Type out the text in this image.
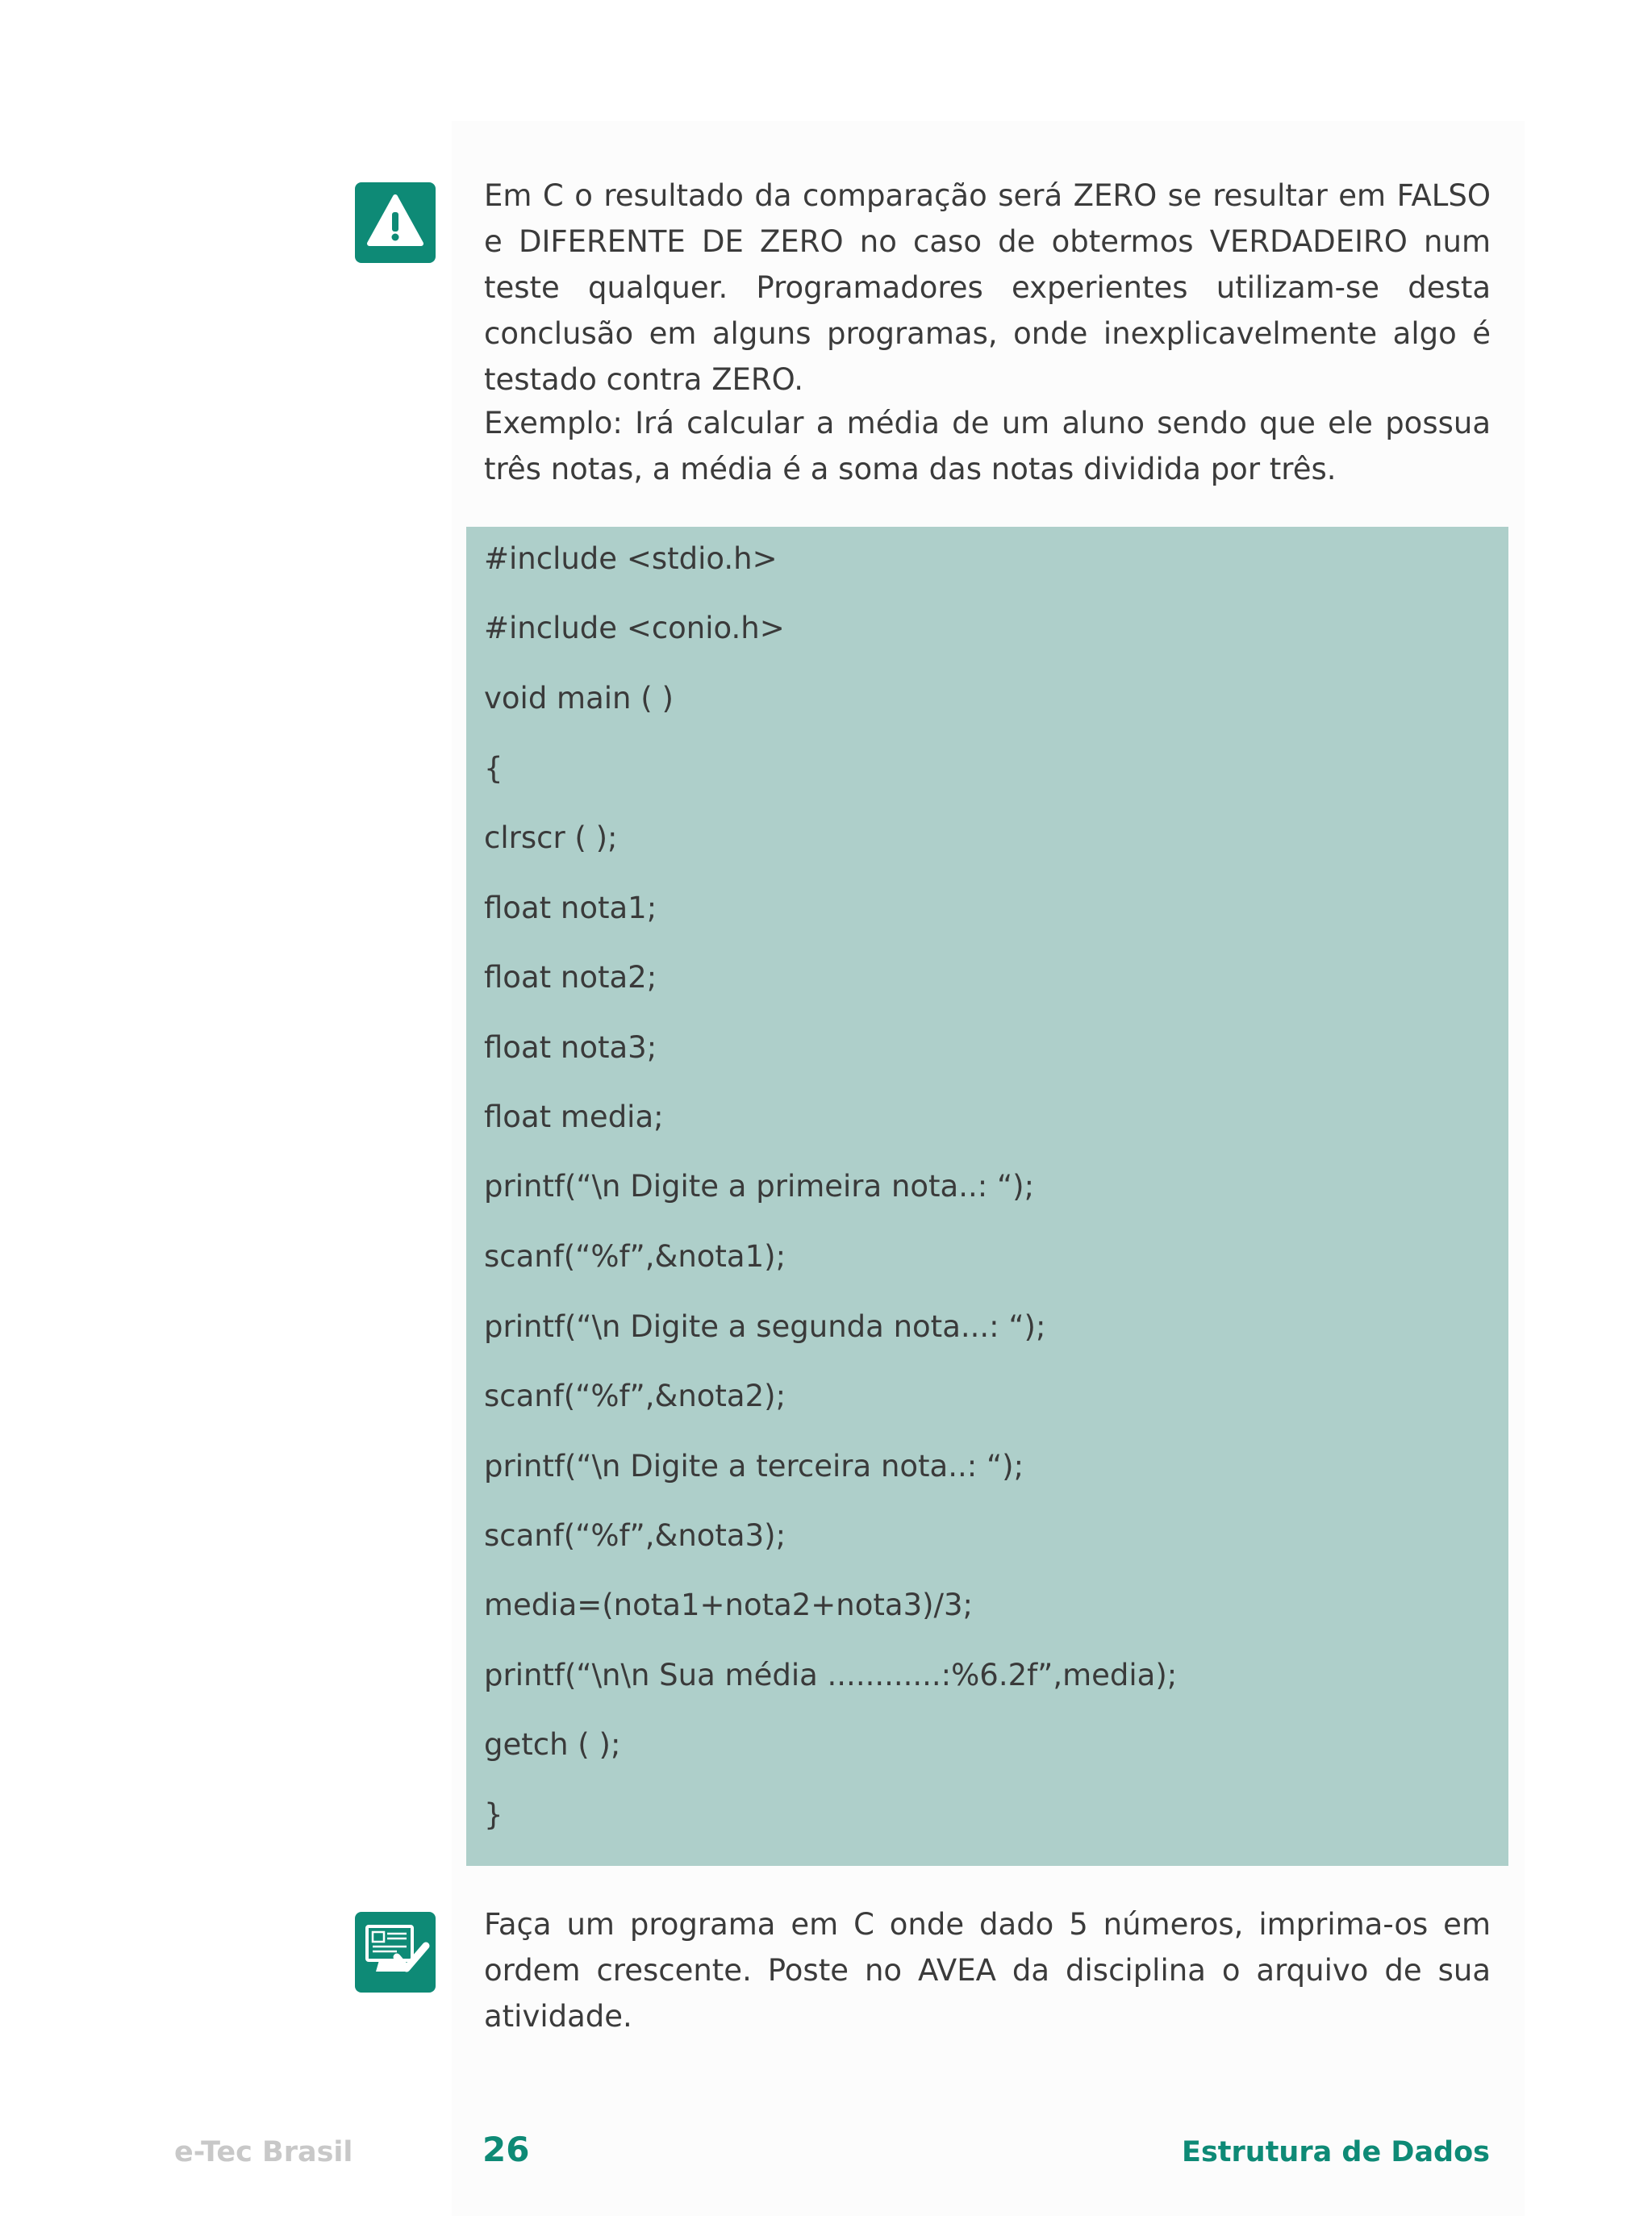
Em C o resultado da comparação será ZERO se resultar em FALSO e DIFERENTE DE ZERO no caso de obtermos VERDADEIRO num teste qualquer. Programadores experientes utilizam-se desta conclusão em alguns programas, onde inexplicavelmente algo é testado contra ZERO.

Exemplo: Irá calcular a média de um aluno sendo que ele possua três notas, a média é a soma das notas dividida por três.

#include <stdio.h>
#include <conio.h>
void main ( )
{
clrscr ( );
float nota1;
float nota2;
float nota3;
float media;
printf(“\n Digite a primeira nota..: “);
scanf(“%f”,&nota1);
printf(“\n Digite a segunda nota...: “);
scanf(“%f”,&nota2);
printf(“\n Digite a terceira nota..: “);
scanf(“%f”,&nota3);
media=(nota1+nota2+nota3)/3;
printf(“\n\n Sua média ............:%6.2f”,media);
getch ( );
}

Faça um programa em C onde dado 5 números, imprima-os em ordem crescente. Poste no AVEA da disciplina o arquivo de sua atividade.

e-Tec Brasil	26	Estrutura de Dados
